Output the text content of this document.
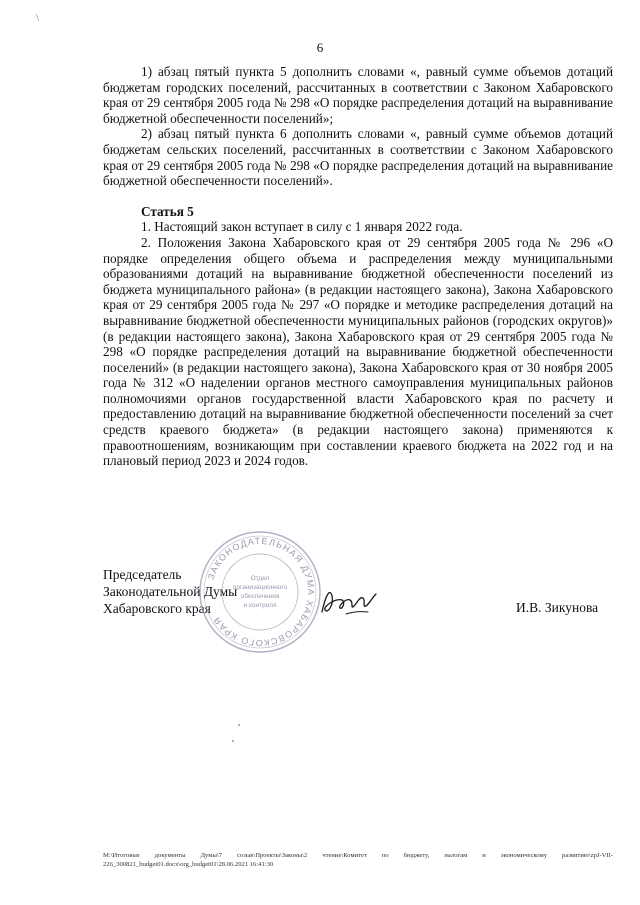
6
\

1) абзац пятый пункта 5 дополнить словами «, равный сумме объемов дотаций бюджетам городских поселений, рассчитанных в соответствии с Законом Хабаровского края от 29 сентября 2005 года № 298 «О порядке распределения дотаций на выравнивание бюджетной обеспеченности поселений»;

2) абзац пятый пункта 6 дополнить словами «, равный сумме объемов дотаций бюджетам сельских поселений, рассчитанных в соответствии с Законом Хабаровского края от 29 сентября 2005 года № 298 «О порядке распределения дотаций на выравнивание бюджетной обеспеченности поселений».

Статья 5

1. Настоящий закон вступает в силу с 1 января 2022 года.

2. Положения Закона Хабаровского края от 29 сентября 2005 года № 296 «О порядке определения общего объема и распределения между муниципальными образованиями дотаций на выравнивание бюджетной обеспеченности поселений из бюджета муниципального района» (в редакции настоящего закона), Закона Хабаровского края от 29 сентября 2005 года № 297 «О порядке и методике распределения дотаций на выравнивание бюджетной обеспеченности муниципальных районов (городских округов)» (в редакции настоящего закона), Закона Хабаровского края от 29 сентября 2005 года № 298 «О порядке распределения дотаций на выравнивание бюджетной обеспеченности поселений» (в редакции настоящего закона), Закона Хабаровского края от 30 ноября 2005 года № 312 «О наделении органов местного самоуправления муниципальных районов полномочиями органов государственной власти Хабаровского края по расчету и предоставлению дотаций на выравнивание бюджетной обеспеченности поселений за счет средств краевого бюджета» (в редакции настоящего закона) применяются к правоотношениям, возникающим при составлении краевого бюджета на 2022 год и на плановый период 2023 и 2024 годов.

Председатель
Законодательной Думы
Хабаровского края
ЗАКОНОДАТЕЛЬНАЯ ДУМА ХАБАРОВСКОГО КРАЯ
Отдел
организационного
обеспечения
и контроля	И.В. Зикунова
M:\Итоговые документы Думы\7 созыв\Проекты\Законы\2 чтение\Комитет по бюджету, налогам и экономическому развитию\zpJ-VII-226_300821_budget01.docx\org_budget01\28.06.2021 16:41:30
